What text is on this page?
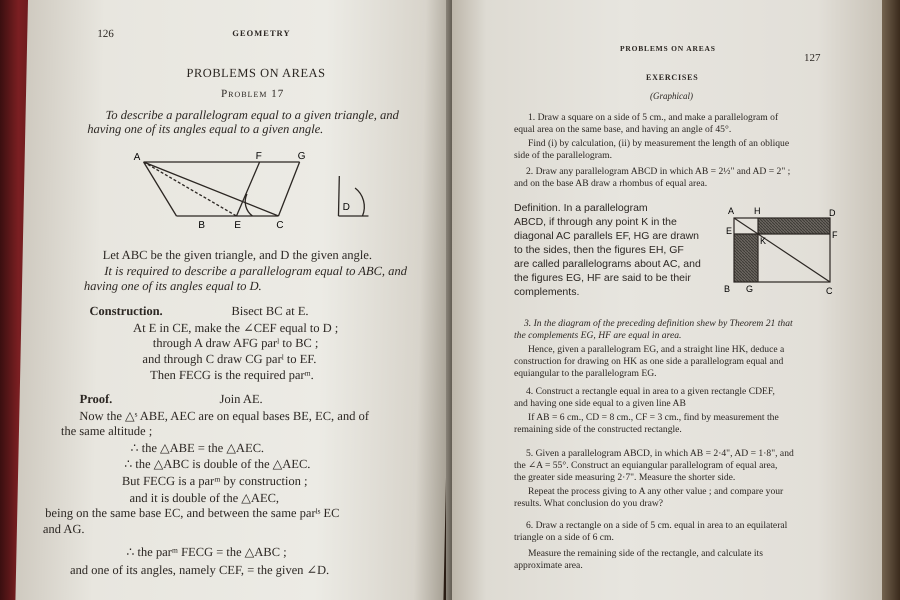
126	GEOMETRY
PROBLEMS ON AREAS
Problem 17
To describe a parallelogram equal to a given triangle, and
having one of its angles equal to a given angle.
A	F	G
B	E	C
D
Let ABC be the given triangle, and D the given angle.
It is required to describe a parallelogram equal to ABC, and
having one of its angles equal to D.
Construction.	Bisect BC at E.
At E in CE, make the ∠CEF equal to D ;
through A draw AFG parˡ to BC ;
and through C draw CG parˡ to EF.
Then FECG is the required parᵐ.
Proof.	Join AE.
Now the △ˢ ABE, AEC are on equal bases BE, EC, and of
the same altitude ;
∴ the △ABE = the △AEC.
∴ the △ABC is double of the △AEC.
But FECG is a parᵐ by construction ;
and it is double of the △AEC,
being on the same base EC, and between the same parˡˢ EC
and AG.
∴ the parᵐ FECG = the △ABC ;
and one of its angles, namely CEF, = the given ∠D.
PROBLEMS ON AREAS
127
EXERCISES
(Graphical)
1. Draw a square on a side of 5 cm., and make a parallelogram of
equal area on the same base, and having an angle of 45°.
Find (i) by calculation, (ii) by measurement the length of an oblique
side of the parallelogram.
2. Draw any parallelogram ABCD in which AB = 2½" and AD = 2" ;
and on the base AB draw a rhombus of equal area.
Definition. In a parallelogram
ABCD, if through any point K in the
diagonal AC parallels EF, HG are drawn
to the sides, then the figures EH, GF
are called parallelograms about AC, and
the figures EG, HF are said to be their
complements.
A H	D
E
K
F
B G	C
3. In the diagram of the preceding definition shew by Theorem 21 that
the complements EG, HF are equal in area.
Hence, given a parallelogram EG, and a straight line HK, deduce a
construction for drawing on HK as one side a parallelogram equal and
equiangular to the parallelogram EG.
4. Construct a rectangle equal in area to a given rectangle CDEF,
and having one side equal to a given line AB
If AB = 6 cm., CD = 8 cm., CF = 3 cm., find by measurement the
remaining side of the constructed rectangle.
5. Given a parallelogram ABCD, in which AB = 2·4", AD = 1·8", and
the ∠A = 55°. Construct an equiangular parallelogram of equal area,
the greater side measuring 2·7". Measure the shorter side.
Repeat the process giving to A any other value ; and compare your
results. What conclusion do you draw?
6. Draw a rectangle on a side of 5 cm. equal in area to an equilateral
triangle on a side of 6 cm.
Measure the remaining side of the rectangle, and calculate its
approximate area.
